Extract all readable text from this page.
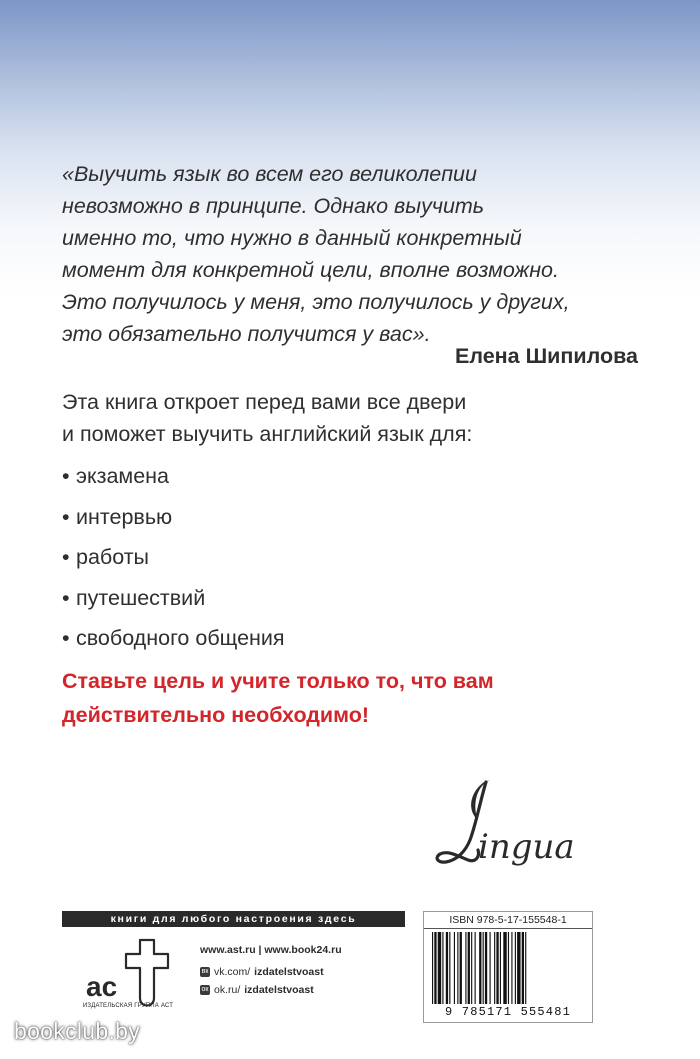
«Выучить язык во всем его великолепии
невозможно в принципе. Однако выучить
именно то, что нужно в данный конкретный
момент для конкретной цели, вполне возможно.
Это получилось у меня, это получилось у других,
это обязательно получится у вас».
Елена Шипилова
Эта книга откроет перед вами все двери
и поможет выучить английский язык для:
• экзамена
• интервью
• работы
• путешествий
• свободного общения
Ставьте цель и учите только то, что вам
действительно необходимо!
ingua
книги для любого настроения здесь
ac
ИЗДАТЕЛЬСКАЯ ГРУППА АСТ
www.ast.ru | www.book24.ru
вк vk.com/ izdatelstvoast
ок ok.ru/ izdatelstvoast
ISBN 978-5-17-155548-1
9 785171 555481
bookclub.by
